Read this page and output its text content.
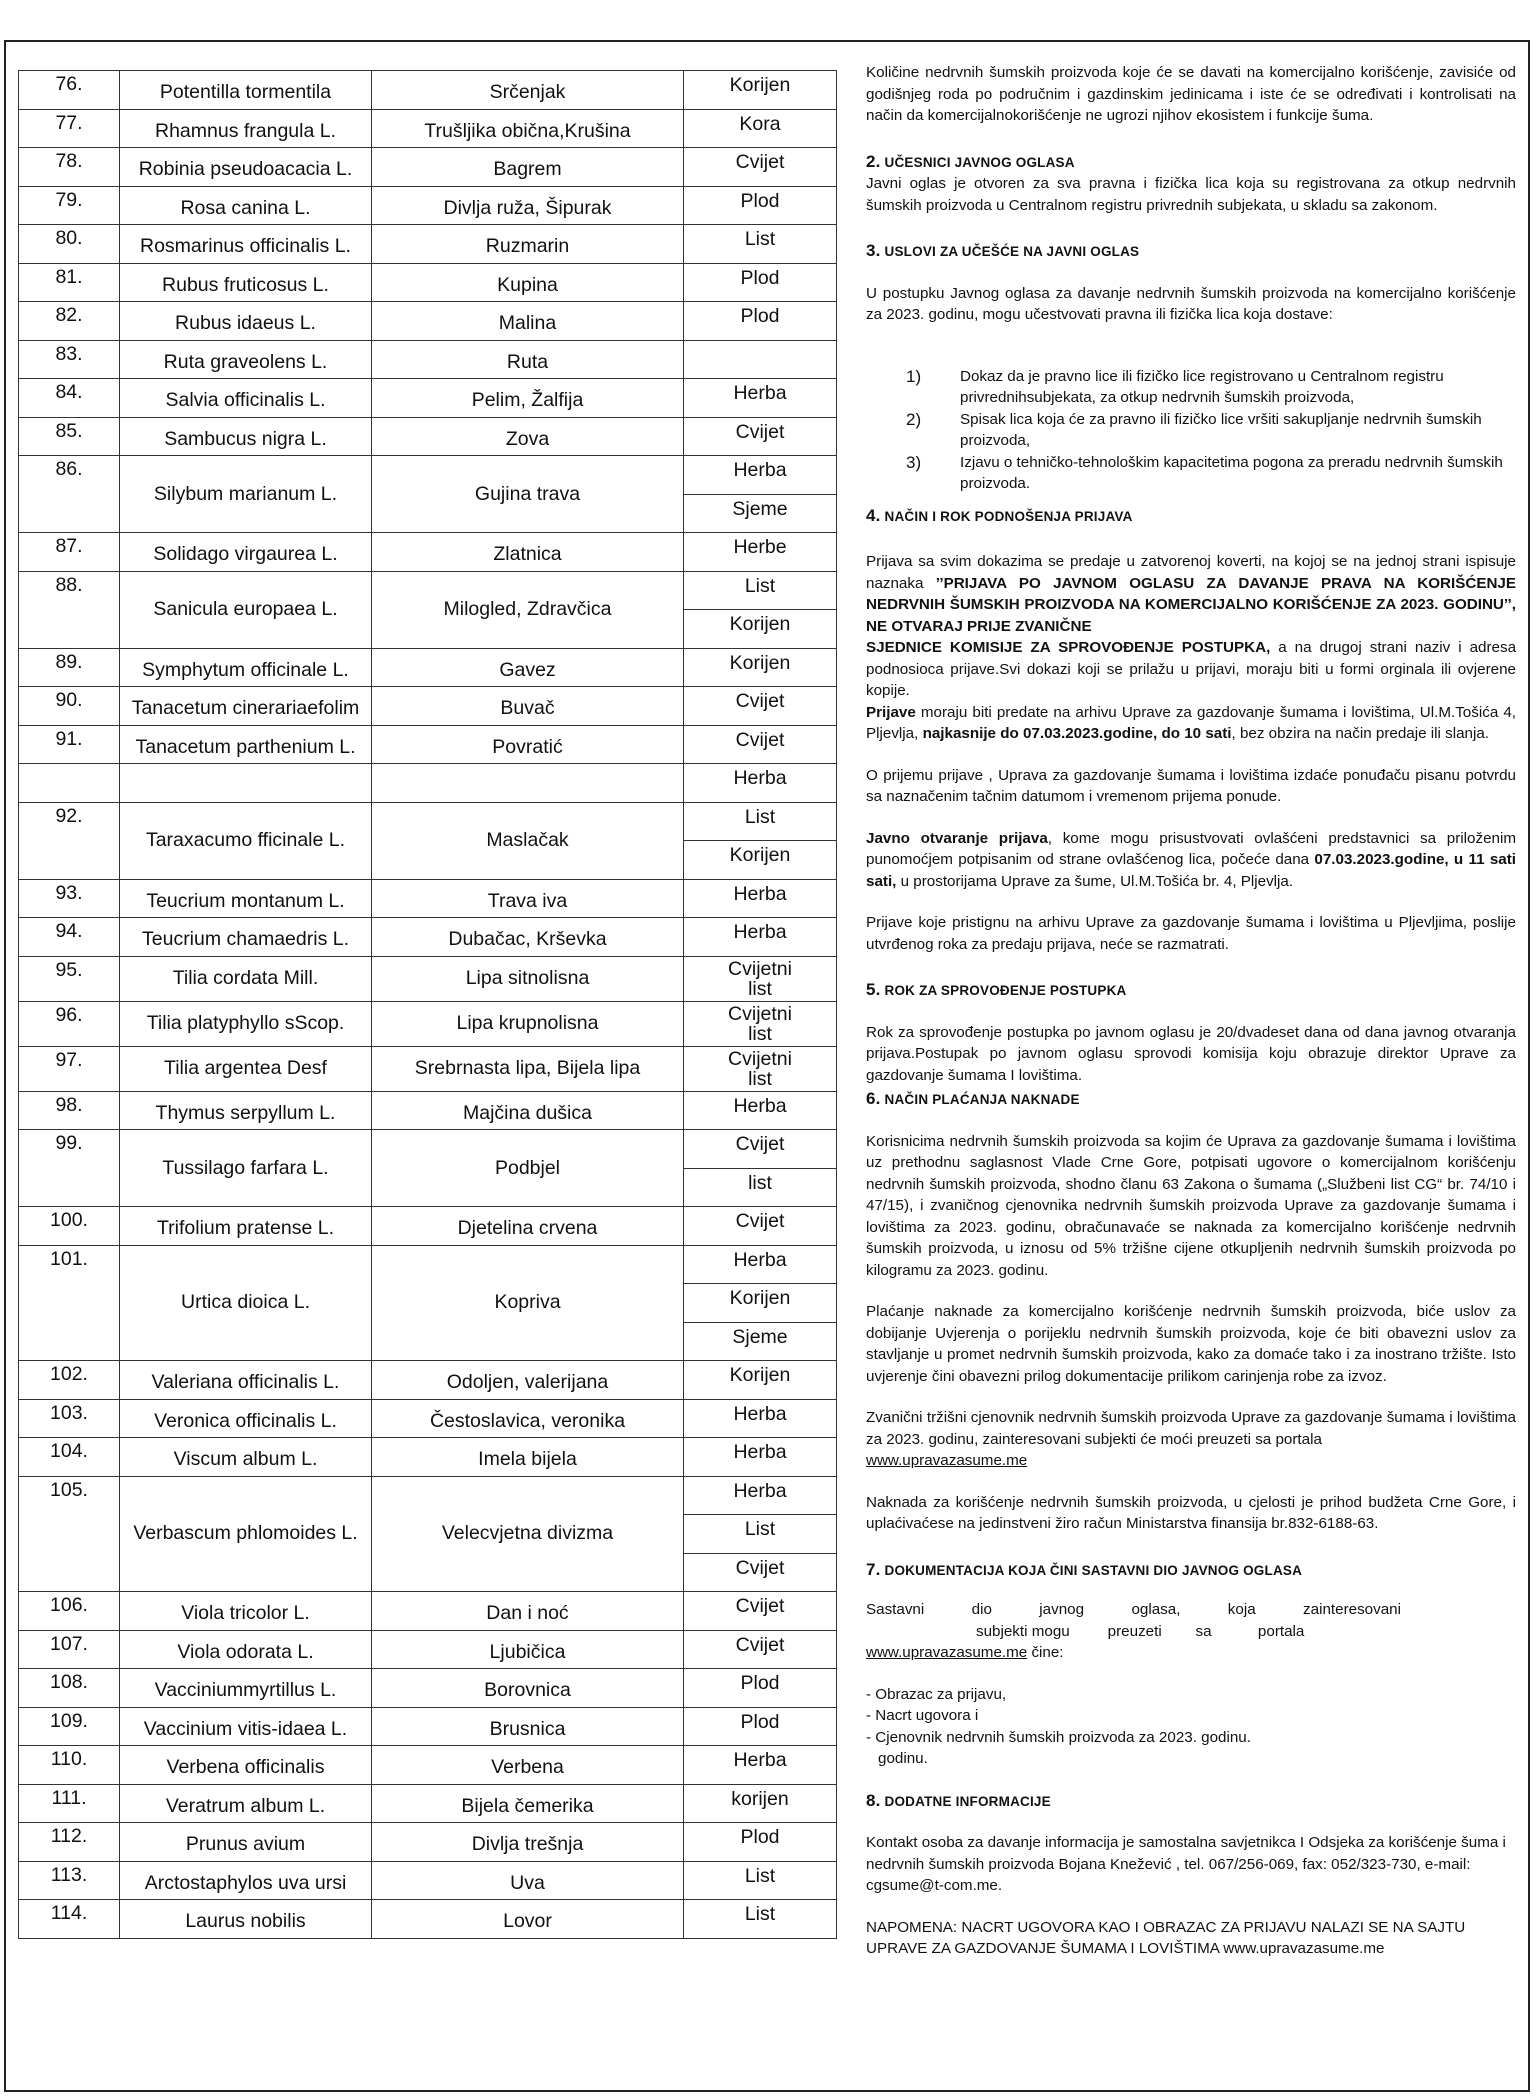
76.	Potentilla tormentila	Srčenjak	Korijen

77.	Rhamnus frangula L.	Trušljika obična,Krušina	Kora

78.	Robinia pseudoacacia L.	Bagrem	Cvijet

79.	Rosa canina L.	Divlja ruža, Šipurak	Plod

80.	Rosmarinus officinalis L.	Ruzmarin	List

81.	Rubus fruticosus L.	Kupina	Plod

82.	Rubus idaeus L.	Malina	Plod

83.	Ruta graveolens L.	Ruta	

84.	Salvia officinalis L.	Pelim, Žalfija	Herba

85.	Sambucus nigra L.	Zova	Cvijet

86.	Silybum marianum L.	Gujina trava	Herba

			Sjeme

87.	Solidago virgaurea L.	Zlatnica	Herbe

88.	Sanicula europaea L.	Milogled, Zdravčica	List

			Korijen

89.	Symphytum officinale L.	Gavez	Korijen

90.	Tanacetum cinerariaefolim	Buvač	Cvijet

91.	Tanacetum parthenium L.	Povratić	Cvijet

			Herba

92.	Taraxacumo fficinale L.	Maslačak	List

			Korijen

93.	Teucrium montanum L.	Trava iva	Herba

94.	Teucrium chamaedris L.	Dubačac, Krševka	Herba

95.	Tilia cordata Mill.	Lipa sitnolisna	Cvijetni list

96.	Tilia platyphyllo sScop.	Lipa krupnolisna	Cvijetni list

97.	Tilia argentea Desf	Srebrnasta lipa, Bijela lipa	Cvijetni list

98.	Thymus serpyllum L.	Majčina dušica	Herba

99.	Tussilago farfara L.	Podbjel	Cvijet

			list

100.	Trifolium pratense L.	Djetelina crvena	Cvijet

101.	Urtica dioica L.	Kopriva	Herba

			Korijen

			Sjeme

102.	Valeriana officinalis L.	Odoljen, valerijana	Korijen

103.	Veronica officinalis L.	Čestoslavica, veronika	Herba

104.	Viscum album L.	Imela bijela	Herba

105.	Verbascum phlomoides L.	Velecvjetna divizma	Herba

			List

			Cvijet

106.	Viola tricolor L.	Dan i noć	Cvijet

107.	Viola odorata L.	Ljubičica	Cvijet

108.	Vacciniummyrtillus L.	Borovnica	Plod

109.	Vaccinium vitis-idaea L.	Brusnica	Plod

110.	Verbena officinalis	Verbena	Herba

111.	Veratrum album L.	Bijela čemerika	korijen

112.	Prunus avium	Divlja trešnja	Plod

113.	Arctostaphylos uva ursi	Uva	List

114.	Laurus nobilis	Lovor	List

Količine nedrvnih šumskih proizvoda koje će se davati na komercijalno korišćenje, zavisiće od godišnjeg roda po područnim i gazdinskim jedinicama i iste će se određivati i kontrolisati na način da komercijalnokorišćenje ne ugrozi njihov ekosistem i funkcije šuma.

2. UČESNICI JAVNOG OGLASA

Javni oglas je otvoren za sva pravna i fizička lica koja su registrovana za otkup nedrvnih šumskih proizvoda u Centralnom registru privrednih subjekata, u skladu sa zakonom.

3. USLOVI ZA UČEŠĆE NA JAVNI OGLAS

U postupku Javnog oglasa za davanje nedrvnih šumskih proizvoda na komercijalno korišćenje za 2023. godinu, mogu učestvovati pravna ili fizička lica koja dostave:

1)	Dokaz da je pravno lice ili fizičko lice registrovano u Centralnom registru privrednihsubjekata, za otkup nedrvnih šumskih proizvoda,
2)	Spisak lica koja će za pravno ili fizičko lice vršiti sakupljanje nedrvnih šumskih proizvoda,
3)	Izjavu o tehničko-tehnološkim kapacitetima pogona za preradu nedrvnih šumskih proizvoda.

4. NAČIN I ROK PODNOŠENJA PRIJAVA

Prijava sa svim dokazima se predaje u zatvorenoj koverti, na kojoj se na jednoj strani ispisuje naznaka ’’PRIJAVA PO JAVNOM OGLASU ZA DAVANJE PRAVA NA KORIŠĆENJE NEDRVNIH ŠUMSKIH PROIZVODA NA KOMERCIJALNO KORIŠĆENJE ZA 2023. GODINU’’, NE OTVARAJ PRIJE ZVANIČNE
SJEDNICE KOMISIJE ZA SPROVOĐENJE POSTUPKA, a na drugoj strani naziv i adresa podnosioca prijave.Svi dokazi koji se prilažu u prijavi, moraju biti u formi orginala ili ovjerene kopije.

Prijave moraju biti predate na arhivu Uprave za gazdovanje šumama i lovištima, Ul.M.Tošića 4, Pljevlja, najkasnije do 07.03.2023.godine, do 10 sati, bez obzira na način predaje ili slanja.

O prijemu prijave , Uprava za gazdovanje šumama i lovištima izdaće ponuđaču pisanu potvrdu sa naznačenim tačnim datumom i vremenom prijema ponude.

Javno otvaranje prijava, kome mogu prisustvovati ovlašćeni predstavnici sa priloženim punomoćjem potpisanim od strane ovlašćenog lica, počeće dana 07.03.2023.godine, u 11 sati sati, u prostorijama Uprave za šume, Ul.M.Tošića br. 4, Pljevlja.

Prijave koje pristignu na arhivu Uprave za gazdovanje šumama i lovištima u Pljevljima, poslije utvrđenog roka za predaju prijava, neće se razmatrati.

5. ROK ZA SPROVOĐENJE POSTUPKA

Rok za sprovođenje postupka po javnom oglasu je 20/dvadeset dana od dana javnog otvaranja prijava.Postupak po javnom oglasu sprovodi komisija koju obrazuje direktor Uprave za gazdovanje šumama I lovištima.

6. NAČIN PLAĆANJA NAKNADE

Korisnicima nedrvnih šumskih proizvoda sa kojim će Uprava za gazdovanje šumama i lovištima uz prethodnu saglasnost Vlade Crne Gore, potpisati ugovore o komercijalnom korišćenju nedrvnih šumskih proizvoda, shodno članu 63 Zakona o šumama („Službeni list CG“ br. 74/10 i 47/15), i zvaničnog cjenovnika nedrvnih šumskih proizvoda Uprave za gazdovanje šumama i lovištima za 2023. godinu, obračunavaće se naknada za komercijalno korišćenje nedrvnih šumskih proizvoda, u iznosu od 5% tržišne cijene otkupljenih nedrvnih šumskih proizvoda po kilogramu za 2023. godinu.

Plaćanje naknade za komercijalno korišćenje nedrvnih šumskih proizvoda, biće uslov za dobijanje Uvjerenja o porijeklu nedrvnih šumskih proizvoda, koje će biti obavezni uslov za stavljanje u promet nedrvnih šumskih proizvoda, kako za domaće tako i za inostrano tržište. Isto uvjerenje čini obavezni prilog dokumentacije prilikom carinjenja robe za izvoz.

Zvanični tržišni cjenovnik nedrvnih šumskih proizvoda Uprave za gazdovanje šumama i lovištima za 2023. godinu, zainteresovani subjekti će moći preuzeti sa portala
www.upravazasume.me

Naknada za korišćenje nedrvnih šumskih proizvoda, u cjelosti je prihod budžeta Crne Gore, i uplaćivaćese na jedinstveni žiro račun Ministarstva finansija br.832-6188-63.

7. DOKUMENTACIJA KOJA ČINI SASTAVNI DIO JAVNOG OGLASA

Sastavni	dio	javnog	oglasa,	koja	zainteresovani

subjekti mogu         preuzeti        sa           portala

www.upravazasume.me čine:

- Obrazac za prijavu,

- Nacrt ugovora i

- Cjenovnik nedrvnih šumskih proizvoda za 2023. godinu.

godinu.

8. DODATNE INFORMACIJE

Kontakt osoba za davanje informacija je samostalna savjetnikca I Odsjeka za korišćenje šuma i nedrvnih šumskih proizvoda Bojana Knežević , tel. 067/256-069, fax: 052/323-730, e-mail: cgsume@t-com.me.

NAPOMENA: NACRT UGOVORA KAO I OBRAZAC ZA PRIJAVU NALAZI SE NA SAJTU UPRAVE ZA GAZDOVANJE ŠUMAMA I LOVIŠTIMA www.upravazasume.me
